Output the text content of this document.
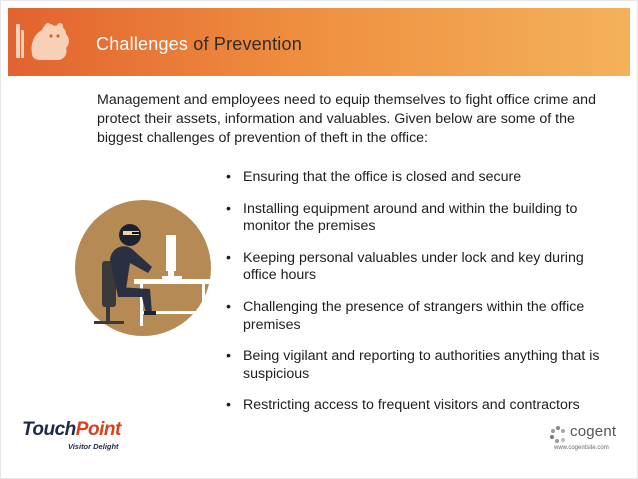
Challenges of Prevention
Management and employees need to equip themselves to fight office crime and protect their assets, information and valuables. Given below are some of the biggest challenges of prevention of theft in the office:
• Ensuring that the office is closed and secure
• Installing equipment around and within the building to monitor the premises
• Keeping personal valuables under lock and key during office hours
• Challenging the presence of strangers within the office premises
• Being vigilant and reporting to authorities anything that is suspicious
• Restricting access to frequent visitors and contractors
TouchPoint
Visitor Delight
cogent
www.cogentsite.com
